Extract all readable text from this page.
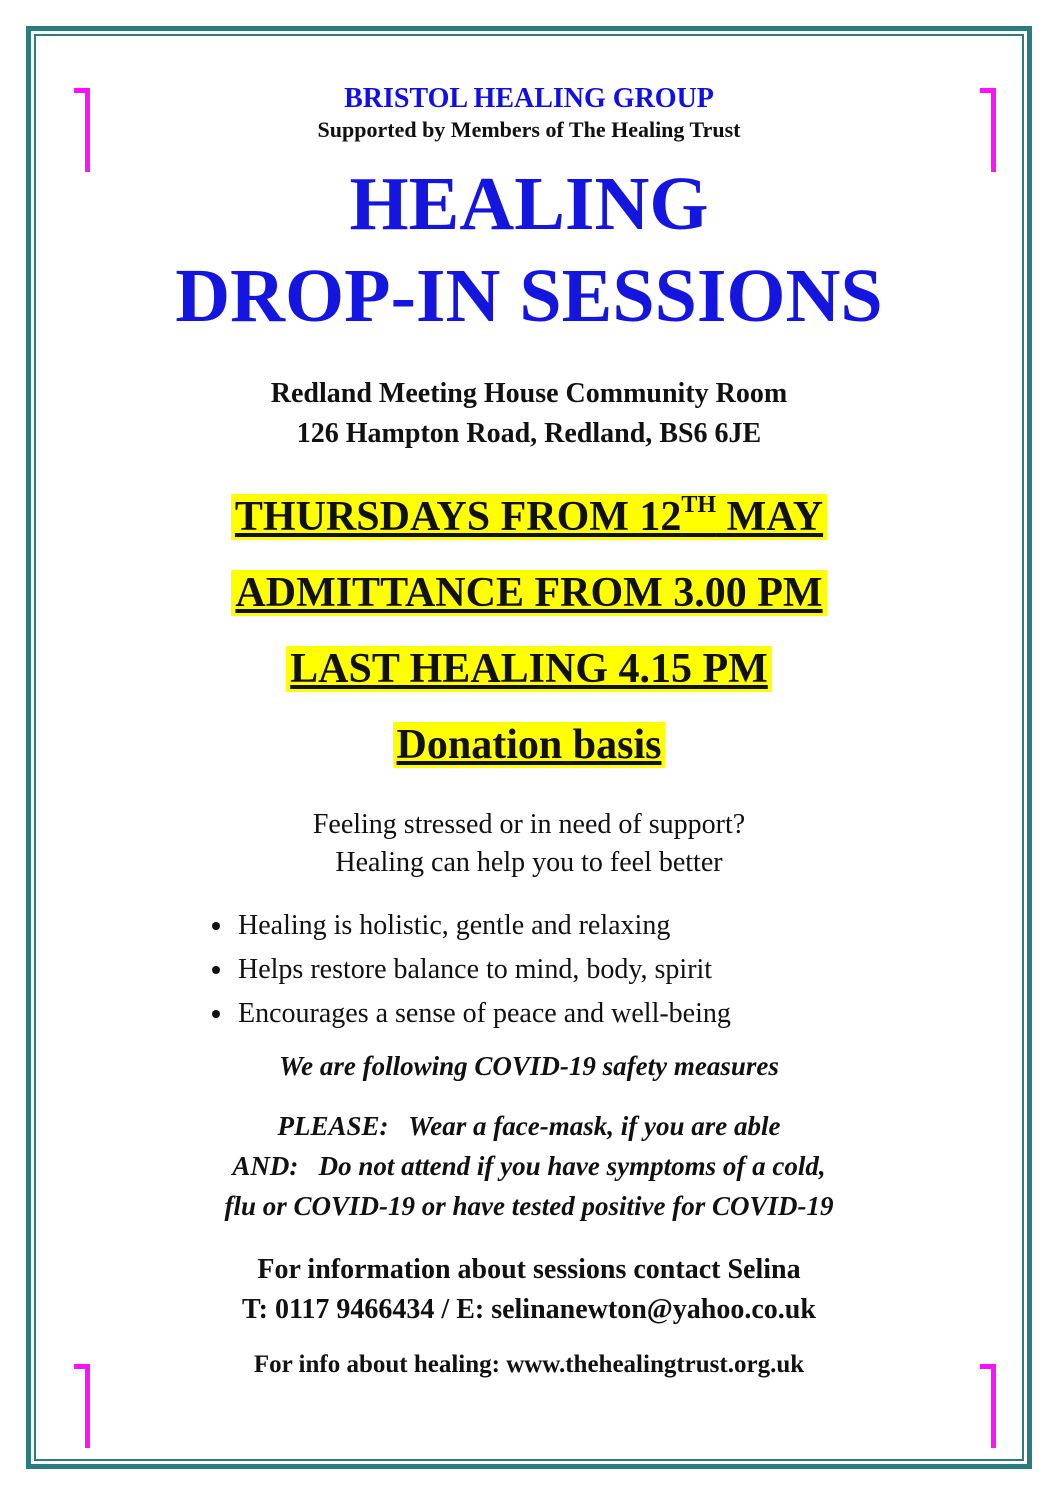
BRISTOL HEALING GROUP

Supported by Members of The Healing Trust

HEALING
DROP-IN SESSIONS

Redland Meeting House Community Room
126 Hampton Road, Redland, BS6 6JE

THURSDAYS FROM 12TH MAY

ADMITTANCE FROM 3.00 PM

LAST HEALING 4.15 PM

Donation basis

Feeling stressed or in need of support?
Healing can help you to feel better

Healing is holistic, gentle and relaxing
Helps restore balance to mind, body, spirit
Encourages a sense of peace and well-being

We are following COVID-19 safety measures

PLEASE:   Wear a face-mask, if you are able
AND:   Do not attend if you have symptoms of a cold,
flu or COVID-19 or have tested positive for COVID-19

For information about sessions contact Selina
T: 0117 9466434 / E: selinanewton@yahoo.co.uk

For info about healing: www.thehealingtrust.org.uk
